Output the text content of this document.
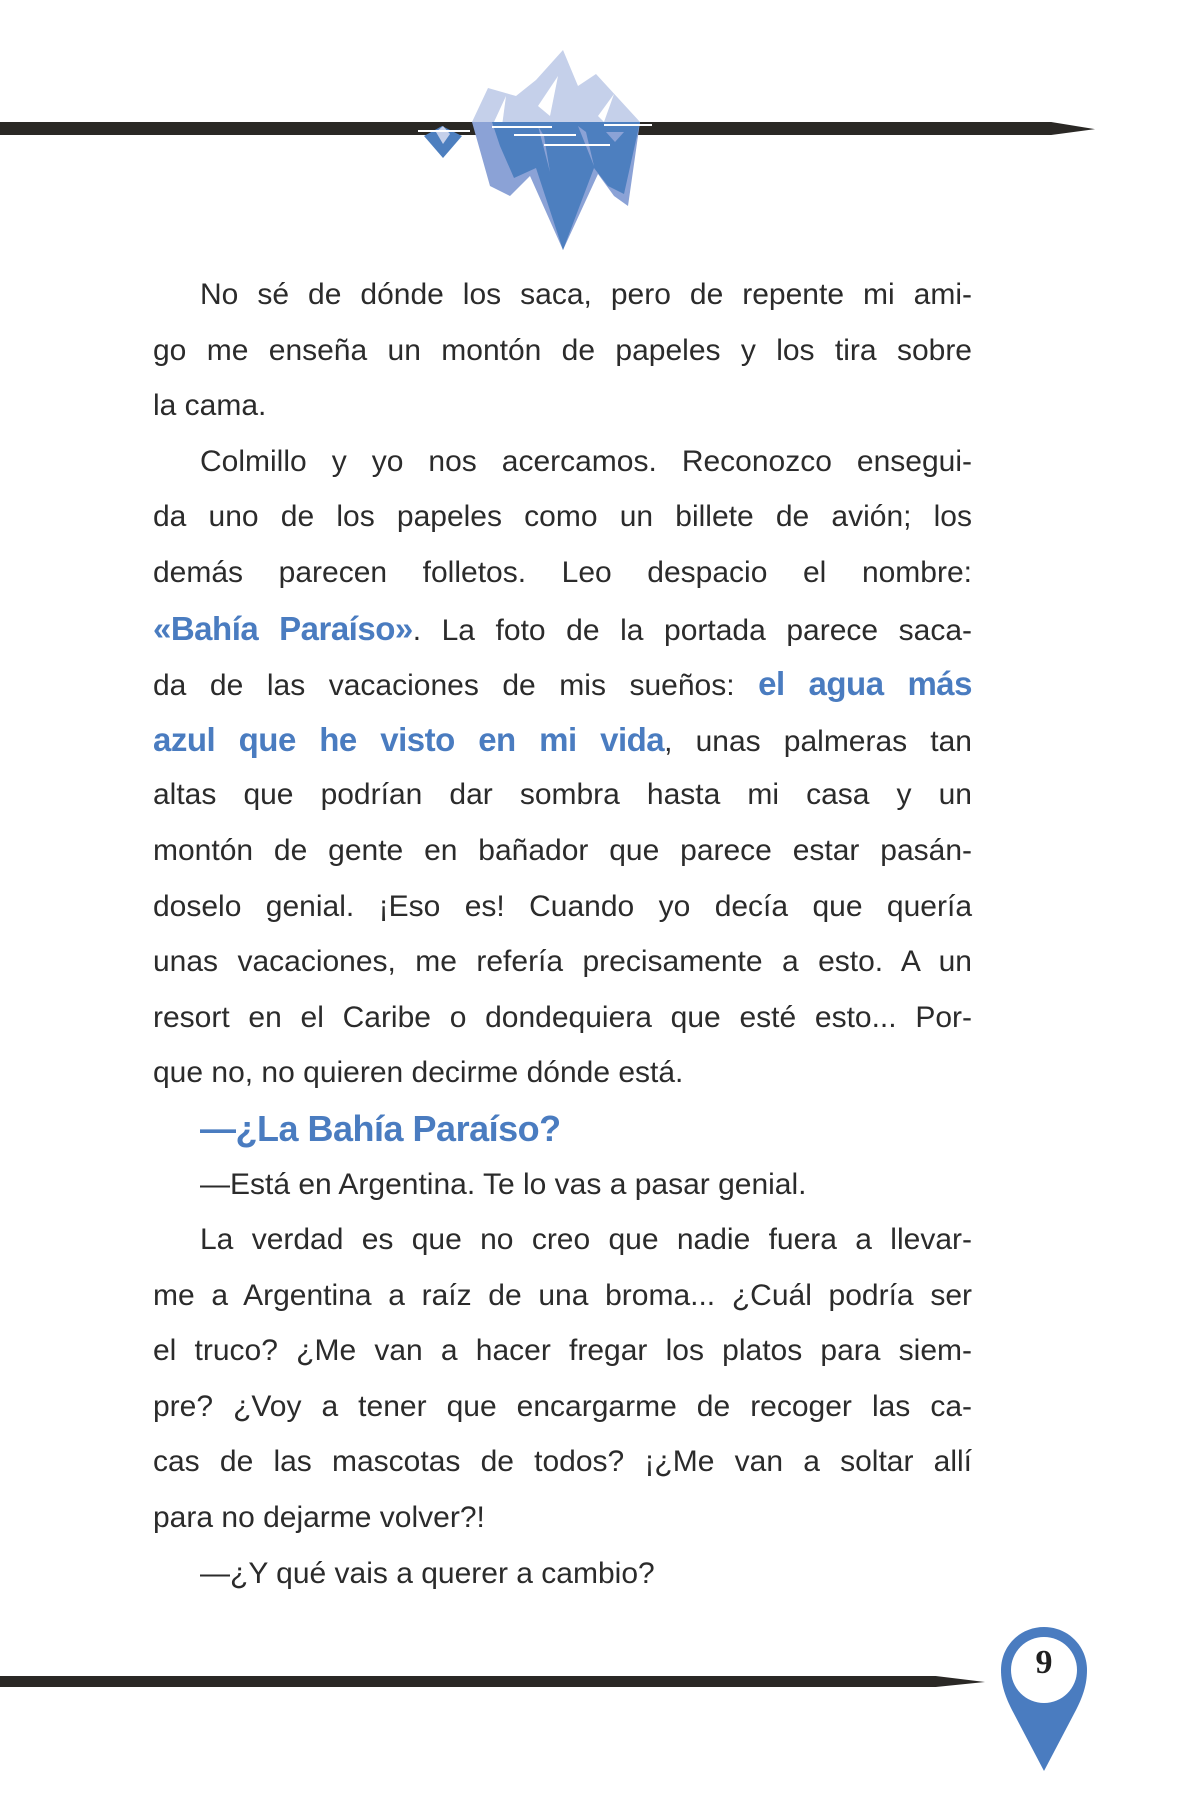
No sé de dónde los saca, pero de repente mi ami-
go me enseña un montón de papeles y los tira sobre
la cama.
Colmillo y yo nos acercamos. Reconozco ensegui-
da uno de los papeles como un billete de avión; los
demás parecen folletos. Leo despacio el nombre:
«Bahía Paraíso». La foto de la portada parece saca-
da de las vacaciones de mis sueños: el agua más
azul que he visto en mi vida, unas palmeras tan
altas que podrían dar sombra hasta mi casa y un
montón de gente en bañador que parece estar pasán-
doselo genial. ¡Eso es! Cuando yo decía que quería
unas vacaciones, me refería precisamente a esto. A un
resort en el Caribe o dondequiera que esté esto... Por-
que no, no quieren decirme dónde está.
—¿La Bahía Paraíso?
—Está en Argentina. Te lo vas a pasar genial.
La verdad es que no creo que nadie fuera a llevar-
me a Argentina a raíz de una broma... ¿Cuál podría ser
el truco? ¿Me van a hacer fregar los platos para siem-
pre? ¿Voy a tener que encargarme de recoger las ca-
cas de las mascotas de todos? ¡¿Me van a soltar allí
para no dejarme volver?!
—¿Y qué vais a querer a cambio?
9
